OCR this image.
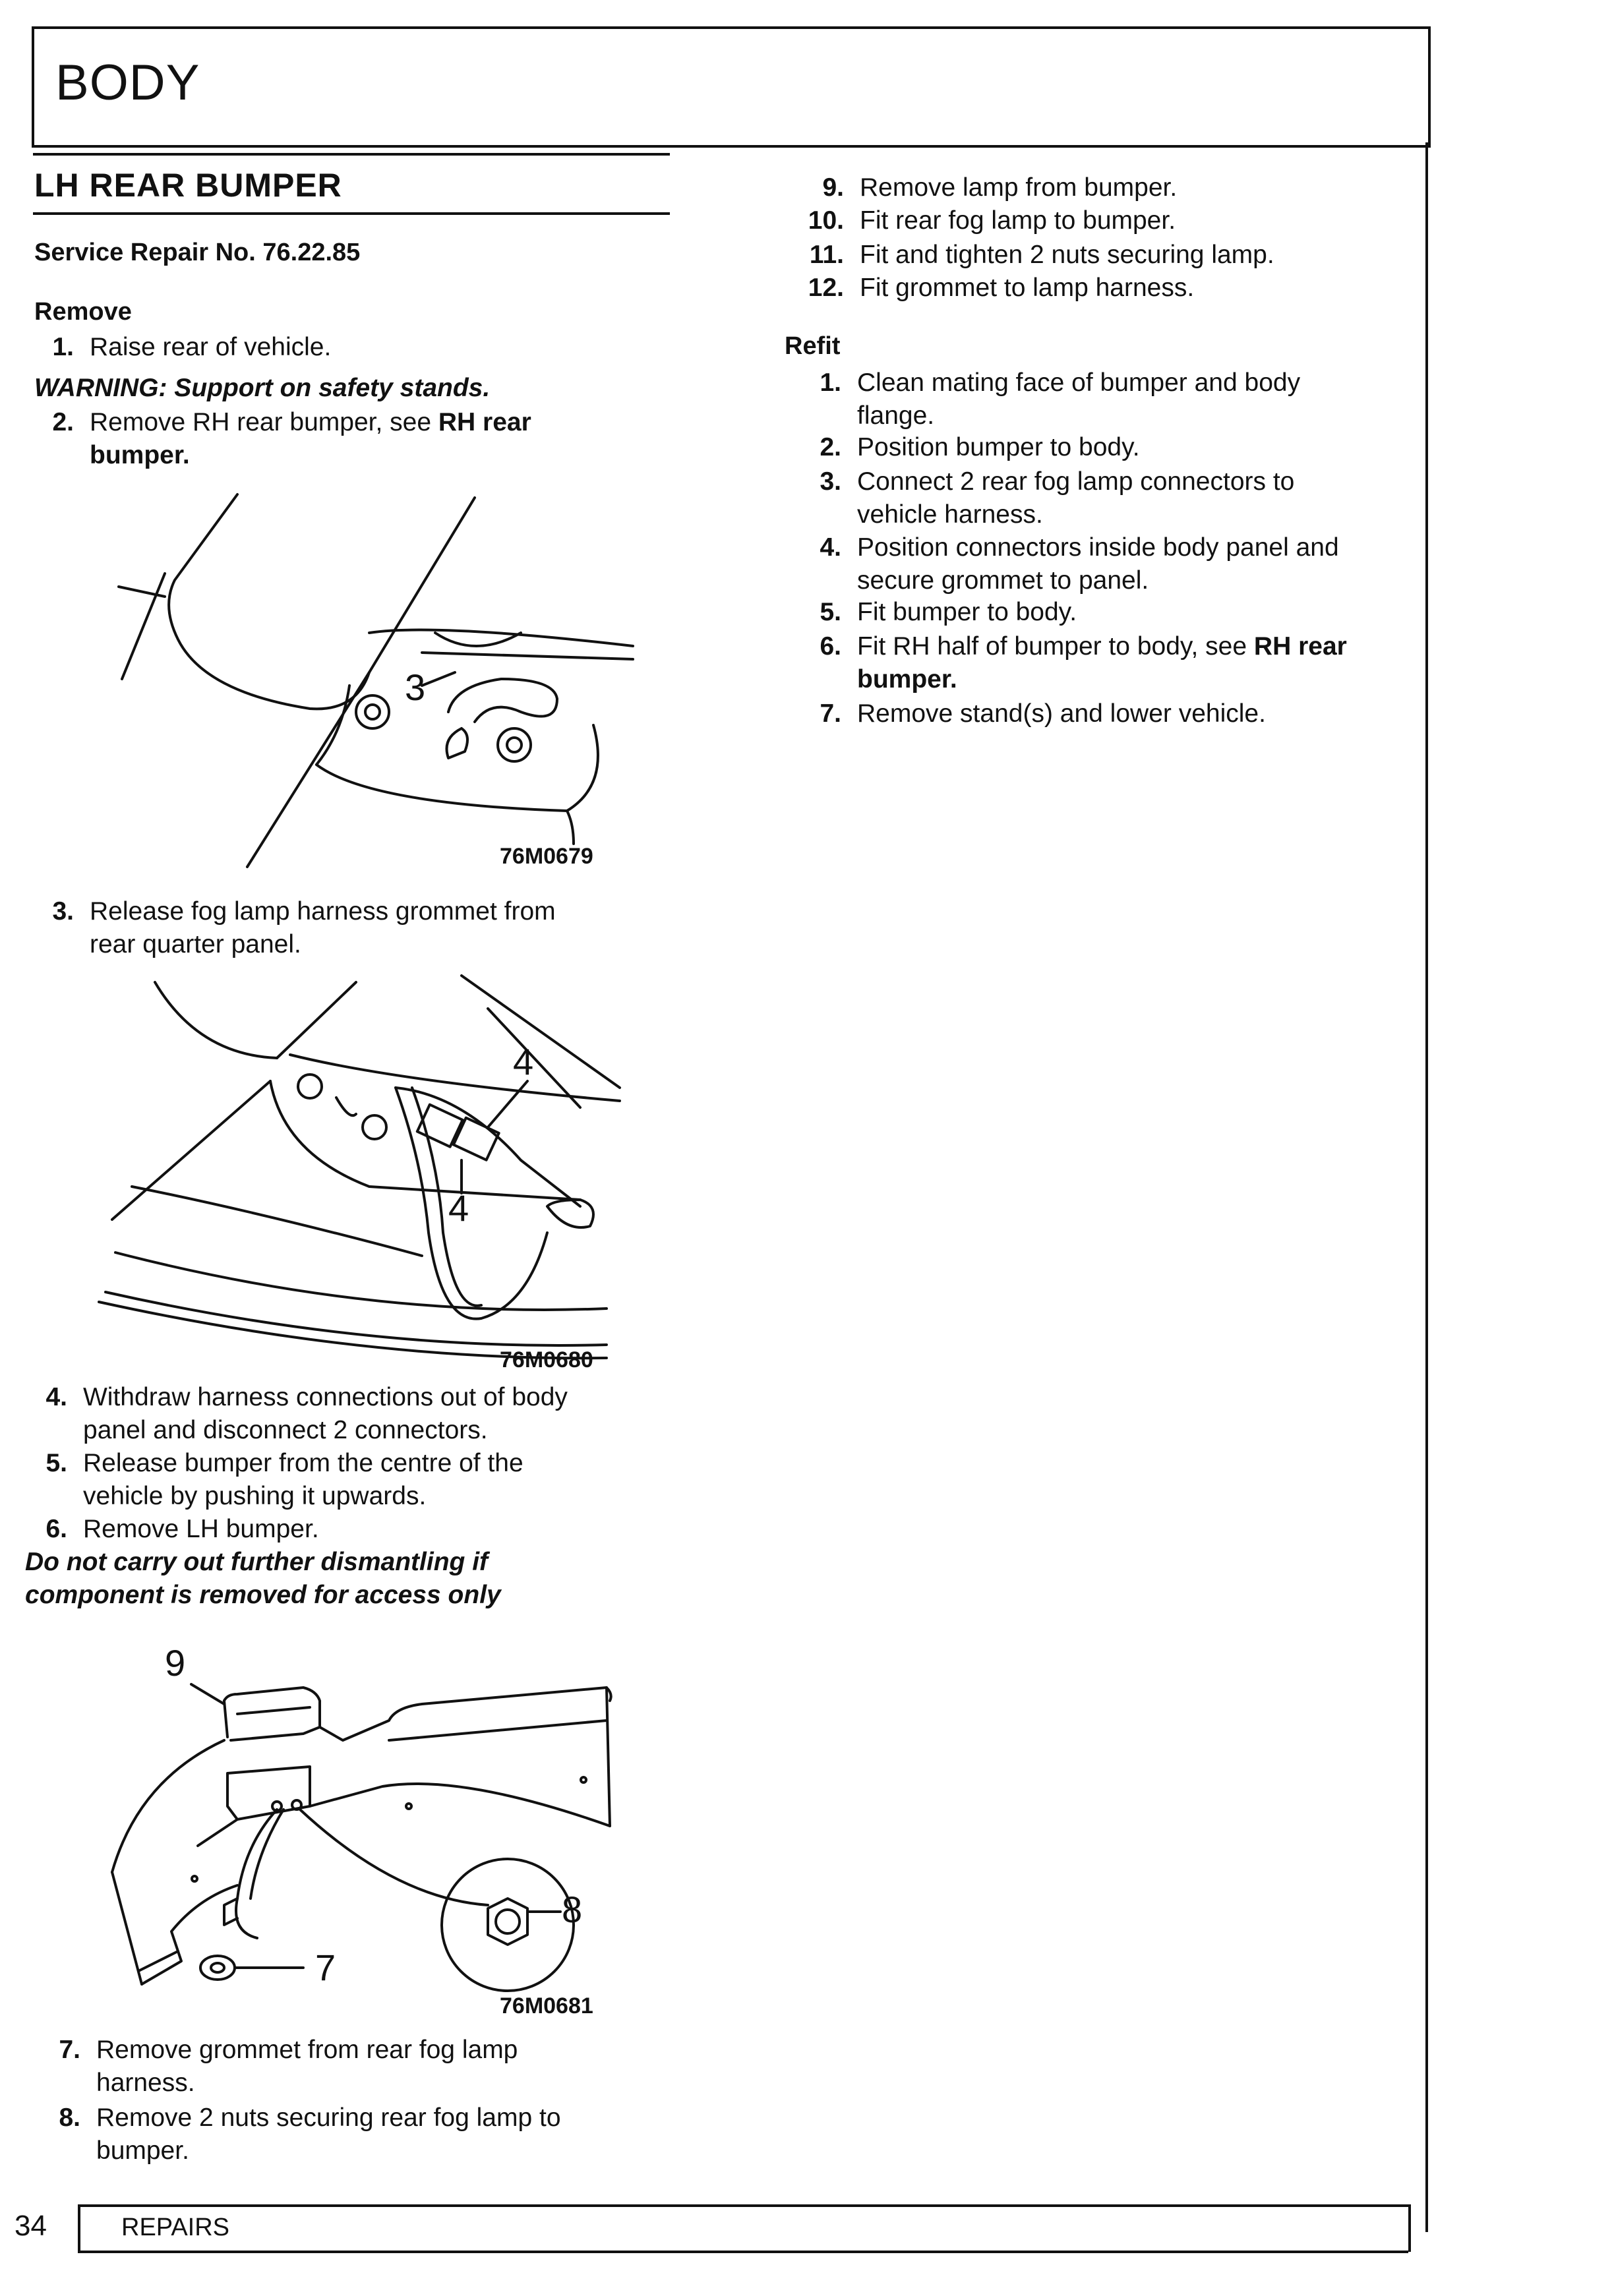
BODY
LH REAR BUMPER
Service Repair No. 76.22.85
Remove
1. Raise rear of vehicle.
WARNING: Support on safety stands.
2. Remove RH rear bumper, see RH rear
bumper.
3
76M0679
3. Release fog lamp harness grommet from
rear quarter panel.
4
4
76M0680
4. Withdraw harness connections out of body
panel and disconnect 2 connectors.
5. Release bumper from the centre of the
vehicle by pushing it upwards.
6. Remove LH bumper.
Do not carry out further dismantling if
component is removed for access only
9
8
7
76M0681
7. Remove grommet from rear fog lamp
harness.
8. Remove 2 nuts securing rear fog lamp to
bumper.
9. Remove lamp from bumper.
10. Fit rear fog lamp to bumper.
11. Fit and tighten 2 nuts securing lamp.
12. Fit grommet to lamp harness.
Refit
1. Clean mating face of bumper and body
flange.
2. Position bumper to body.
3. Connect 2 rear fog lamp connectors to
vehicle harness.
4. Position connectors inside body panel and
secure grommet to panel.
5. Fit bumper to body.
6. Fit RH half of bumper to body, see RH rear
bumper.
7. Remove stand(s) and lower vehicle.
34	REPAIRS
